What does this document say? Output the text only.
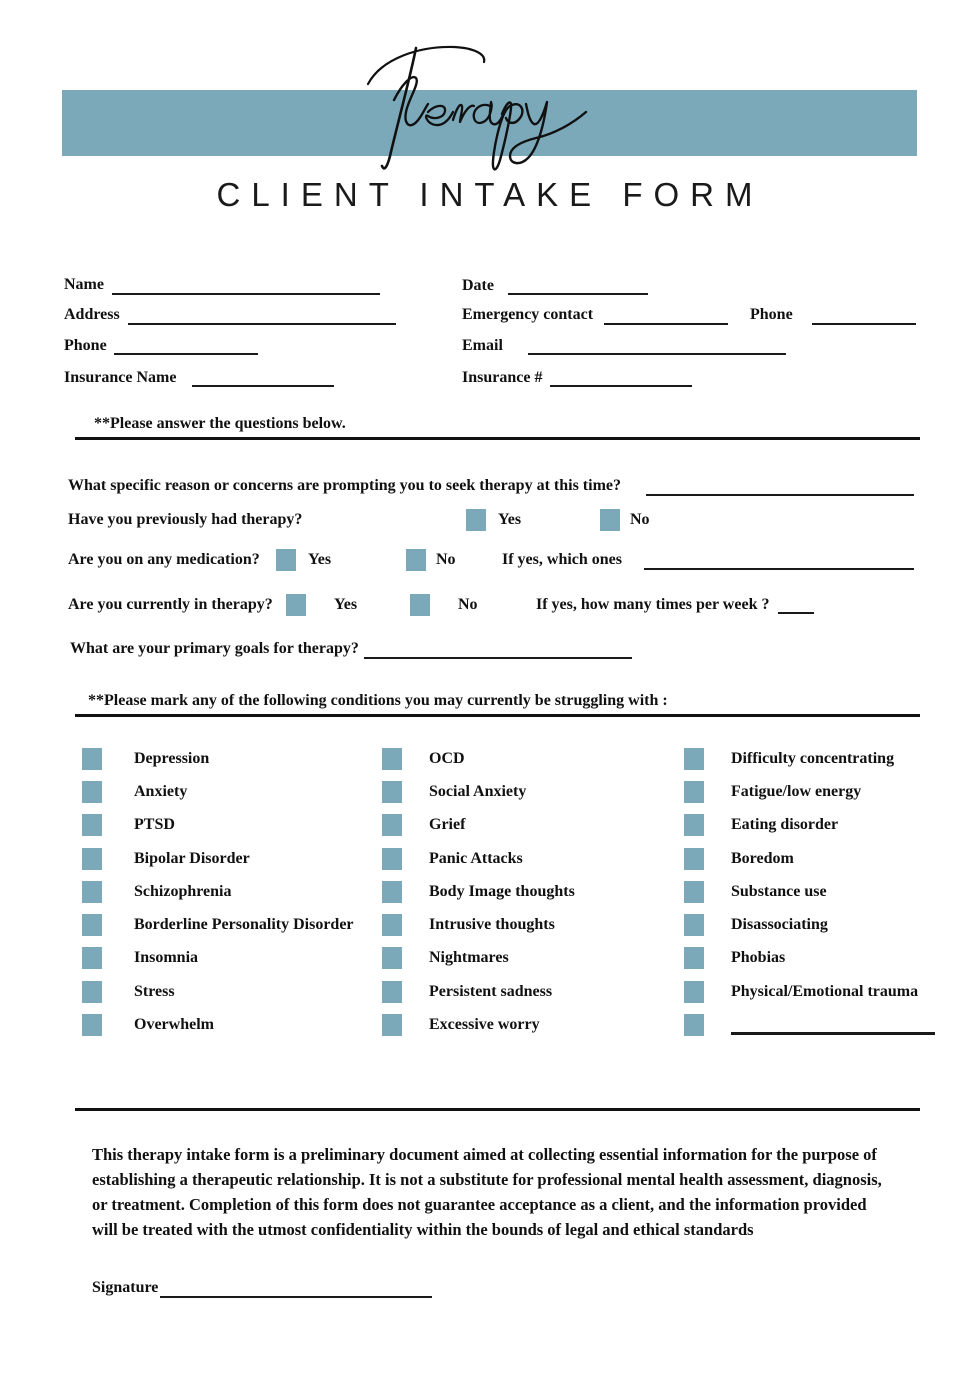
CLIENT INTAKE FORM
Name
Address
Phone
Insurance Name
Date
Emergency contact	Phone
Email
Insurance #
**Please answer the questions below.
What specific reason or concerns are prompting you to seek therapy at this time?
Have you previously had therapy?	Yes	No
Are you on any medication?	Yes	No	If yes, which ones
Are you currently in therapy?	Yes	No	If yes, how many times per week ?
What are your primary goals for therapy?
**Please mark any of the following conditions you may currently be struggling with :
Depression
Anxiety
PTSD
Bipolar Disorder
Schizophrenia
Borderline Personality Disorder
Insomnia
Stress
Overwhelm
OCD
Social Anxiety
Grief
Panic Attacks
Body Image thoughts
Intrusive thoughts
Nightmares
Persistent sadness
Excessive worry
Difficulty concentrating
Fatigue/low energy
Eating disorder
Boredom
Substance use
Disassociating
Phobias
Physical/Emotional trauma
This therapy intake form is a preliminary document aimed at collecting essential information for the purpose of establishing a therapeutic relationship. It is not a substitute for professional mental health assessment, diagnosis, or treatment. Completion of this form does not guarantee acceptance as a client, and the information provided will be treated with the utmost confidentiality within the bounds of legal and ethical standards
Signature
